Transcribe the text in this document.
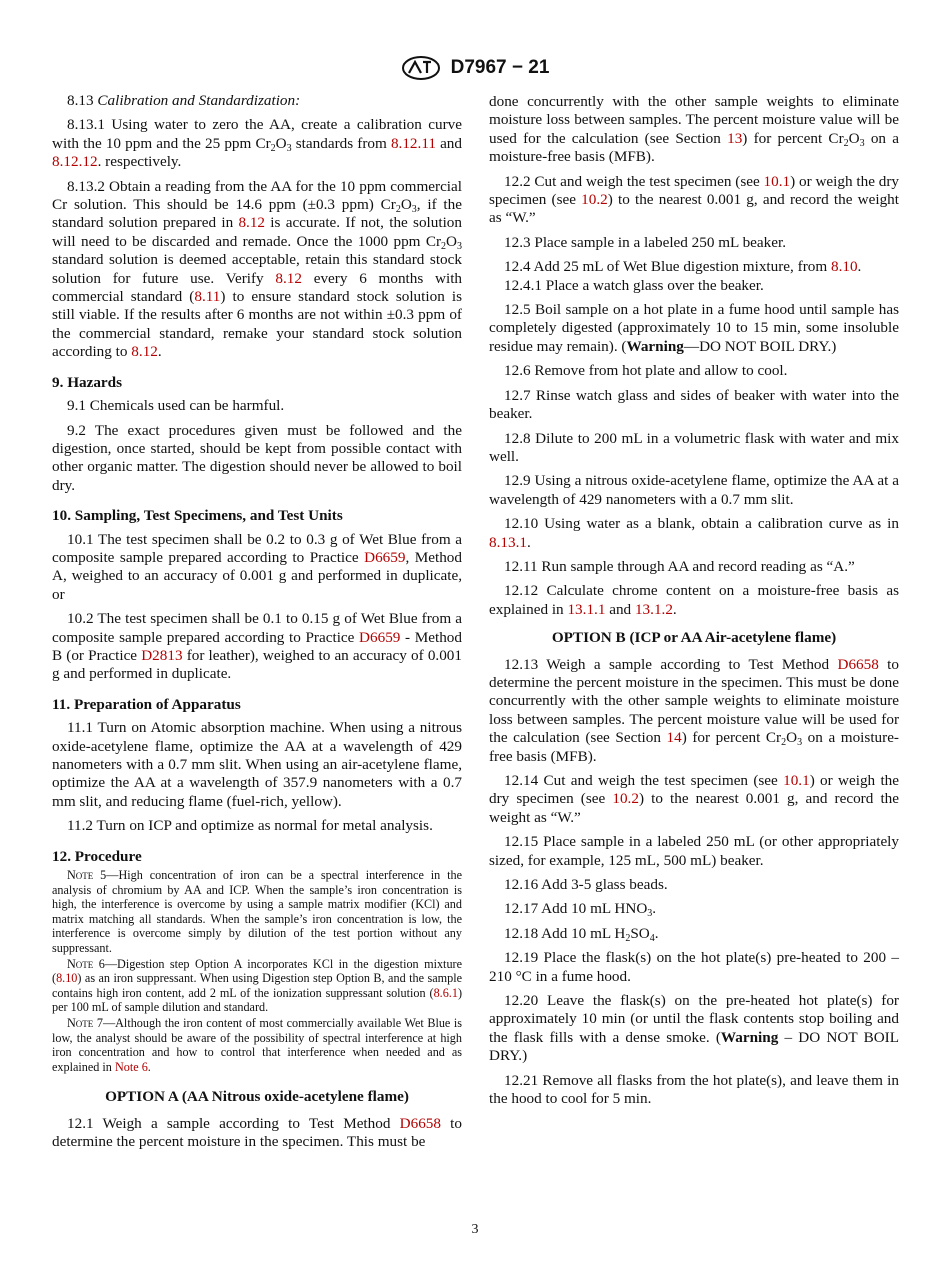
D7967 − 21

8.13 Calibration and Standardization:

8.13.1 Using water to zero the AA, create a calibration curve with the 10 ppm and the 25 ppm $Cr_2O_3$ standards from 8.12.11 and 8.12.12. respectively.

8.13.2 Obtain a reading from the AA for the 10 ppm commercial Cr solution. This should be 14.6 ppm (±0.3 ppm) $Cr_2O_3$, if the standard solution prepared in 8.12 is accurate. If not, the solution will need to be discarded and remade. Once the 1000 ppm $Cr_2O_3$ standard solution is deemed acceptable, retain this standard stock solution for future use. Verify 8.12 every 6 months with commercial standard (8.11) to ensure standard stock solution is still viable. If the results after 6 months are not within ±0.3 ppm of the commercial standard, remake your standard stock solution according to 8.12.

9. Hazards

9.1 Chemicals used can be harmful.

9.2 The exact procedures given must be followed and the digestion, once started, should be kept from possible contact with other organic matter. The digestion should never be allowed to boil dry.

10. Sampling, Test Specimens, and Test Units

10.1 The test specimen shall be 0.2 to 0.3 g of Wet Blue from a composite sample prepared according to Practice D6659, Method A, weighed to an accuracy of 0.001 g and performed in duplicate, or

10.2 The test specimen shall be 0.1 to 0.15 g of Wet Blue from a composite sample prepared according to Practice D6659 - Method B (or Practice D2813 for leather), weighed to an accuracy of 0.001 g and performed in duplicate.

11. Preparation of Apparatus

11.1 Turn on Atomic absorption machine. When using a nitrous oxide-acetylene flame, optimize the AA at a wavelength of 429 nanometers with a 0.7 mm slit. When using an air-acetylene flame, optimize the AA at a wavelength of 357.9 nanometers with a 0.7 mm slit, and reducing flame (fuel-rich, yellow).

11.2 Turn on ICP and optimize as normal for metal analysis.

12. Procedure
Note 5—High concentration of iron can be a spectral interference in the analysis of chromium by AA and ICP. When the sample’s iron concentration is high, the interference is overcome by using a sample matrix modifier (KCl) and matrix matching all standards. When the sample’s iron concentration is low, the interference is overcome simply by dilution of the test portion without any suppressant.
Note 6—Digestion step Option A incorporates KCl in the digestion mixture (8.10) as an iron suppressant. When using Digestion step Option B, and the sample contains high iron content, add 2 mL of the ionization suppressant solution (8.6.1) per 100 mL of sample dilution and standard.
Note 7—Although the iron content of most commercially available Wet Blue is low, the analyst should be aware of the possibility of spectral interference at high iron concentration and how to control that interference when needed and as explained in Note 6.
OPTION A (AA Nitrous oxide-acetylene flame)

12.1 Weigh a sample according to Test Method D6658 to determine the percent moisture in the specimen. This must be

done concurrently with the other sample weights to eliminate moisture loss between samples. The percent moisture value will be used for the calculation (see Section 13) for percent $Cr_2O_3$ on a moisture-free basis (MFB).

12.2 Cut and weigh the test specimen (see 10.1) or weigh the dry specimen (see 10.2) to the nearest 0.001 g, and record the weight as “W.”

12.3 Place sample in a labeled 250 mL beaker.

12.4 Add 25 mL of Wet Blue digestion mixture, from 8.10.

12.4.1 Place a watch glass over the beaker.

12.5 Boil sample on a hot plate in a fume hood until sample has completely digested (approximately 10 to 15 min, some insoluble residue may remain). (Warning—DO NOT BOIL DRY.)

12.6 Remove from hot plate and allow to cool.

12.7 Rinse watch glass and sides of beaker with water into the beaker.

12.8 Dilute to 200 mL in a volumetric flask with water and mix well.

12.9 Using a nitrous oxide-acetylene flame, optimize the AA at a wavelength of 429 nanometers with a 0.7 mm slit.

12.10 Using water as a blank, obtain a calibration curve as in 8.13.1.

12.11 Run sample through AA and record reading as “A.”

12.12 Calculate chrome content on a moisture-free basis as explained in 13.1.1 and 13.1.2.

OPTION B (ICP or AA Air-acetylene flame)

12.13 Weigh a sample according to Test Method D6658 to determine the percent moisture in the specimen. This must be done concurrently with the other sample weights to eliminate moisture loss between samples. The percent moisture value will be used for the calculation (see Section 14) for percent $Cr_2O_3$ on a moisture-free basis (MFB).

12.14 Cut and weigh the test specimen (see 10.1) or weigh the dry specimen (see 10.2) to the nearest 0.001 g, and record the weight as “W.”

12.15 Place sample in a labeled 250 mL (or other appropriately sized, for example, 125 mL, 500 mL) beaker.

12.16 Add 3-5 glass beads.

12.17 Add 10 mL $HNO_3$.

12.18 Add 10 mL $H_2SO_4$.

12.19 Place the flask(s) on the hot plate(s) pre-heated to 200 – 210 °C in a fume hood.

12.20 Leave the flask(s) on the pre-heated hot plate(s) for approximately 10 min (or until the flask contents stop boiling and the flask fills with a dense smoke. (Warning – DO NOT BOIL DRY.)

12.21 Remove all flasks from the hot plate(s), and leave them in the hood to cool for 5 min.

3
